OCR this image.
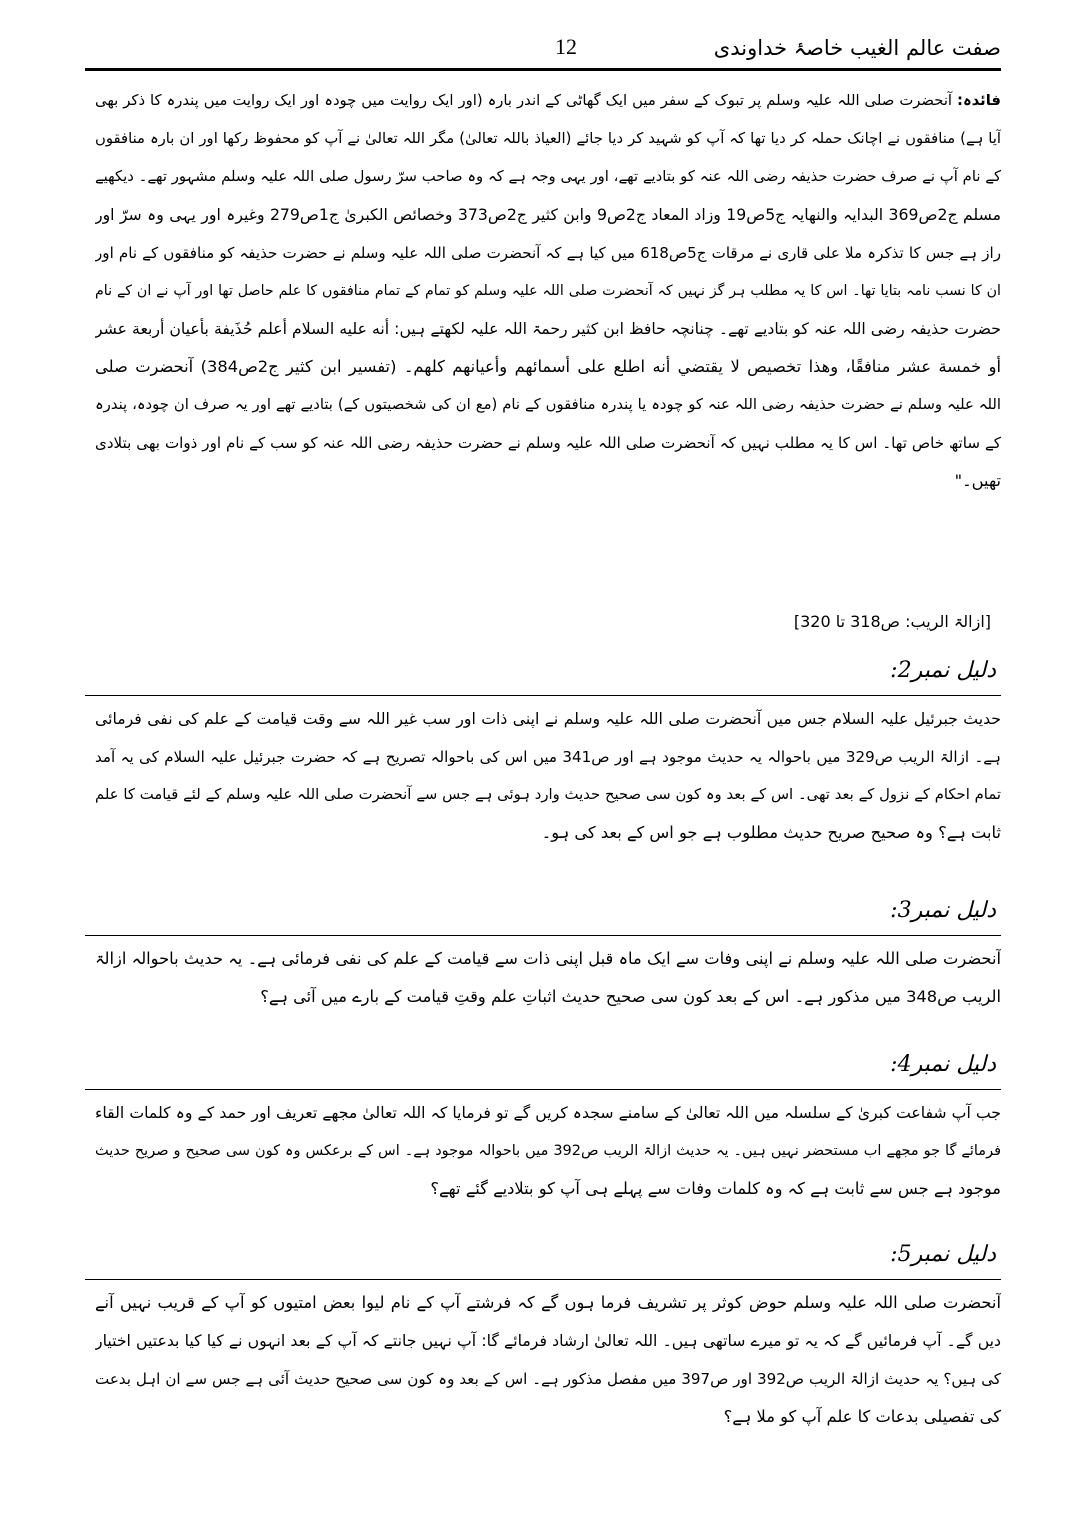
صفت عالم الغیب خاصۂ خداوندی
12
فائدہ: آنحضرت صلی اللہ علیہ وسلم پر تبوک کے سفر میں ایک گھاٹی کے اندر بارہ (اور ایک روایت میں چودہ اور ایک روایت میں پندرہ کا ذکر بھی
آیا ہے) منافقوں نے اچانک حملہ کر دیا تھا کہ آپ کو شہید کر دیا جائے (العیاذ باللہ تعالیٰ) مگر اللہ تعالیٰ نے آپ کو محفوظ رکھا اور ان بارہ منافقوں
کے نام آپ نے صرف حضرت حذیفہ رضی اللہ عنہ کو بتادیے تھے، اور یہی وجہ ہے کہ وہ صاحب سرّ رسول صلی اللہ علیہ وسلم مشہور تھے۔ دیکھیے
مسلم ج2ص369 البدایہ والنھایہ ج5ص19 وزاد المعاد ج2ص9 وابن کثیر ج2ص373 وخصائص الکبریٰ ج1ص279 وغیرہ اور یہی وہ سرّ اور
راز ہے جس کا تذکرہ ملا علی قاری نے مرقات ج5ص618 میں کیا ہے کہ آنحضرت صلی اللہ علیہ وسلم نے حضرت حذیفہ کو منافقوں کے نام اور
ان کا نسب نامہ بتایا تھا۔ اس کا یہ مطلب ہر گز نہیں کہ آنحضرت صلی اللہ علیہ وسلم کو تمام کے تمام منافقوں کا علم حاصل تھا اور آپ نے ان کے نام
حضرت حذیفہ رضی اللہ عنہ کو بتادیے تھے۔ چنانچہ حافظ ابن کثیر رحمۃ اللہ علیہ لکھتے ہیں: أنه عليه السلام أعلم حُذَيفة بأعيان أربعة عشر
أو خمسة عشر منافقًا، وهذا تخصيص لا يقتضي أنه اطلع على أسمائهم وأعيانهم كلهم۔ (تفسیر ابن کثیر ج2ص384) آنحضرت صلی
اللہ علیہ وسلم نے حضرت حذیفہ رضی اللہ عنہ کو چودہ یا پندرہ منافقوں کے نام (مع ان کی شخصیتوں کے) بتادیے تھے اور یہ صرف ان چودہ، پندرہ
کے ساتھ خاص تھا۔ اس کا یہ مطلب نہیں کہ آنحضرت صلی اللہ علیہ وسلم نے حضرت حذیفہ رضی اللہ عنہ کو سب کے نام اور ذوات بھی بتلادی
تھیں۔"
[ازالۃ الریب: ص318 تا 320]
دلیل نمبر2:
حدیث جبرئیل علیہ السلام جس میں آنحضرت صلی اللہ علیہ وسلم نے اپنی ذات اور سب غیر اللہ سے وقت قیامت کے علم کی نفی فرمائی
ہے۔ ازالۃ الریب ص329 میں باحوالہ یہ حدیث موجود ہے اور ص341 میں اس کی باحوالہ تصریح ہے کہ حضرت جبرئیل علیہ السلام کی یہ آمد
تمام احکام کے نزول کے بعد تھی۔ اس کے بعد وہ کون سی صحیح حدیث وارد ہوئی ہے جس سے آنحضرت صلی اللہ علیہ وسلم کے لئے قیامت کا علم
ثابت ہے؟ وہ صحیح صریح حدیث مطلوب ہے جو اس کے بعد کی ہو۔
دلیل نمبر3:
آنحضرت صلی اللہ علیہ وسلم نے اپنی وفات سے ایک ماہ قبل اپنی ذات سے قیامت کے علم کی نفی فرمائی ہے۔ یہ حدیث باحوالہ ازالۃ
الریب ص348 میں مذکور ہے۔ اس کے بعد کون سی صحیح حدیث اثباتِ علم وقتِ قیامت کے بارے میں آئی ہے؟
دلیل نمبر4:
جب آپ شفاعت کبریٰ کے سلسلہ میں اللہ تعالیٰ کے سامنے سجدہ کریں گے تو فرمایا کہ اللہ تعالیٰ مجھے تعریف اور حمد کے وہ کلمات القاء
فرمائے گا جو مجھے اب مستحضر نہیں ہیں۔ یہ حدیث ازالۃ الریب ص392 میں باحوالہ موجود ہے۔ اس کے برعکس وہ کون سی صحیح و صریح حدیث
موجود ہے جس سے ثابت ہے کہ وہ کلمات وفات سے پہلے ہی آپ کو بتلادیے گئے تھے؟
دلیل نمبر5:
آنحضرت صلی اللہ علیہ وسلم حوض کوثر پر تشریف فرما ہوں گے کہ فرشتے آپ کے نام لیوا بعض امتیوں کو آپ کے قریب نہیں آنے
دیں گے۔ آپ فرمائیں گے کہ یہ تو میرے ساتھی ہیں۔ اللہ تعالیٰ ارشاد فرمائے گا: آپ نہیں جانتے کہ آپ کے بعد انہوں نے کیا کیا بدعتیں اختیار
کی ہیں؟ یہ حدیث ازالۃ الریب ص392 اور ص397 میں مفصل مذکور ہے۔ اس کے بعد وہ کون سی صحیح حدیث آئی ہے جس سے ان اہل بدعت
کی تفصیلی بدعات کا علم آپ کو ملا ہے؟
